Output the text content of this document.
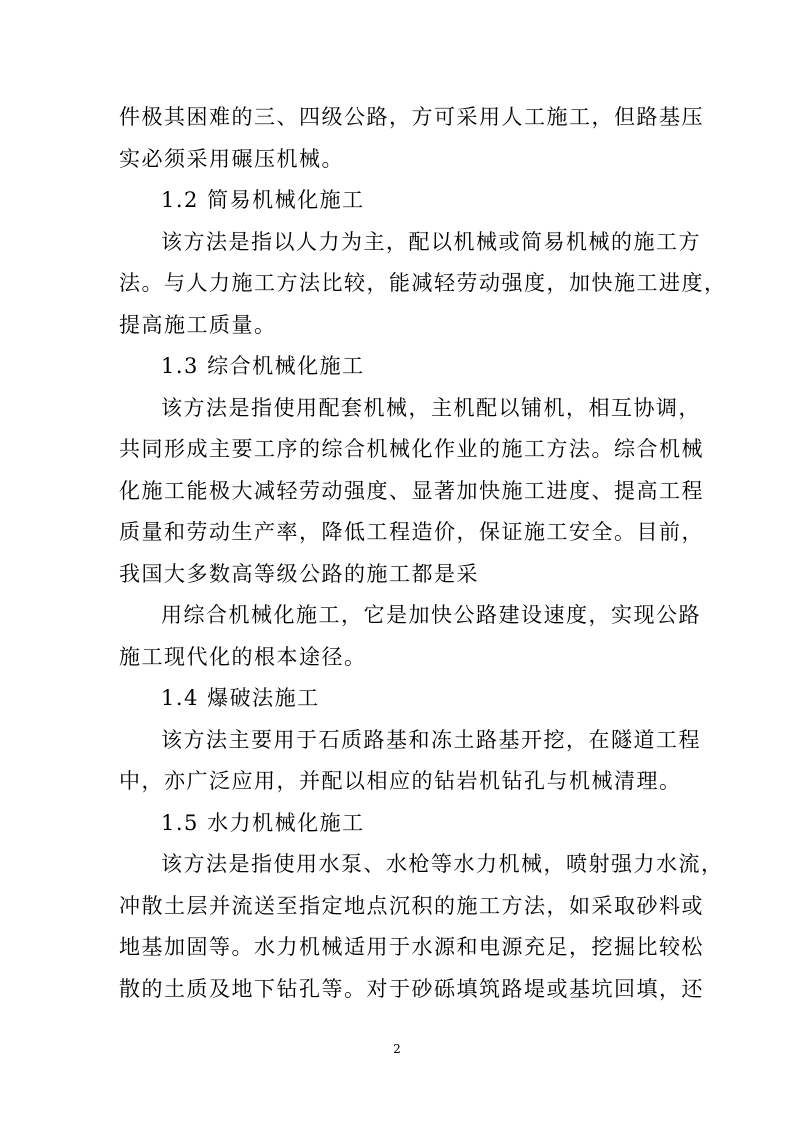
件极其困难的三、四级公路，方可采用人工施工，但路基压
实必须采用碾压机械。
1.2 简易机械化施工
该方法是指以人力为主，配以机械或简易机械的施工方
法。与人力施工方法比较，能减轻劳动强度，加快施工进度，
提高施工质量。
1.3 综合机械化施工
该方法是指使用配套机械，主机配以铺机，相互协调，
共同形成主要工序的综合机械化作业的施工方法。综合机械
化施工能极大减轻劳动强度、显著加快施工进度、提高工程
质量和劳动生产率，降低工程造价，保证施工安全。目前，
我国大多数高等级公路的施工都是采
用综合机械化施工，它是加快公路建设速度，实现公路
施工现代化的根本途径。
1.4 爆破法施工
该方法主要用于石质路基和冻土路基开挖，在隧道工程
中，亦广泛应用，并配以相应的钻岩机钻孔与机械清理。
1.5 水力机械化施工
该方法是指使用水泵、水枪等水力机械，喷射强力水流，
冲散土层并流送至指定地点沉积的施工方法，如采取砂料或
地基加固等。水力机械适用于水源和电源充足，挖掘比较松
散的土质及地下钻孔等。对于砂砾填筑路堤或基坑回填，还
2
